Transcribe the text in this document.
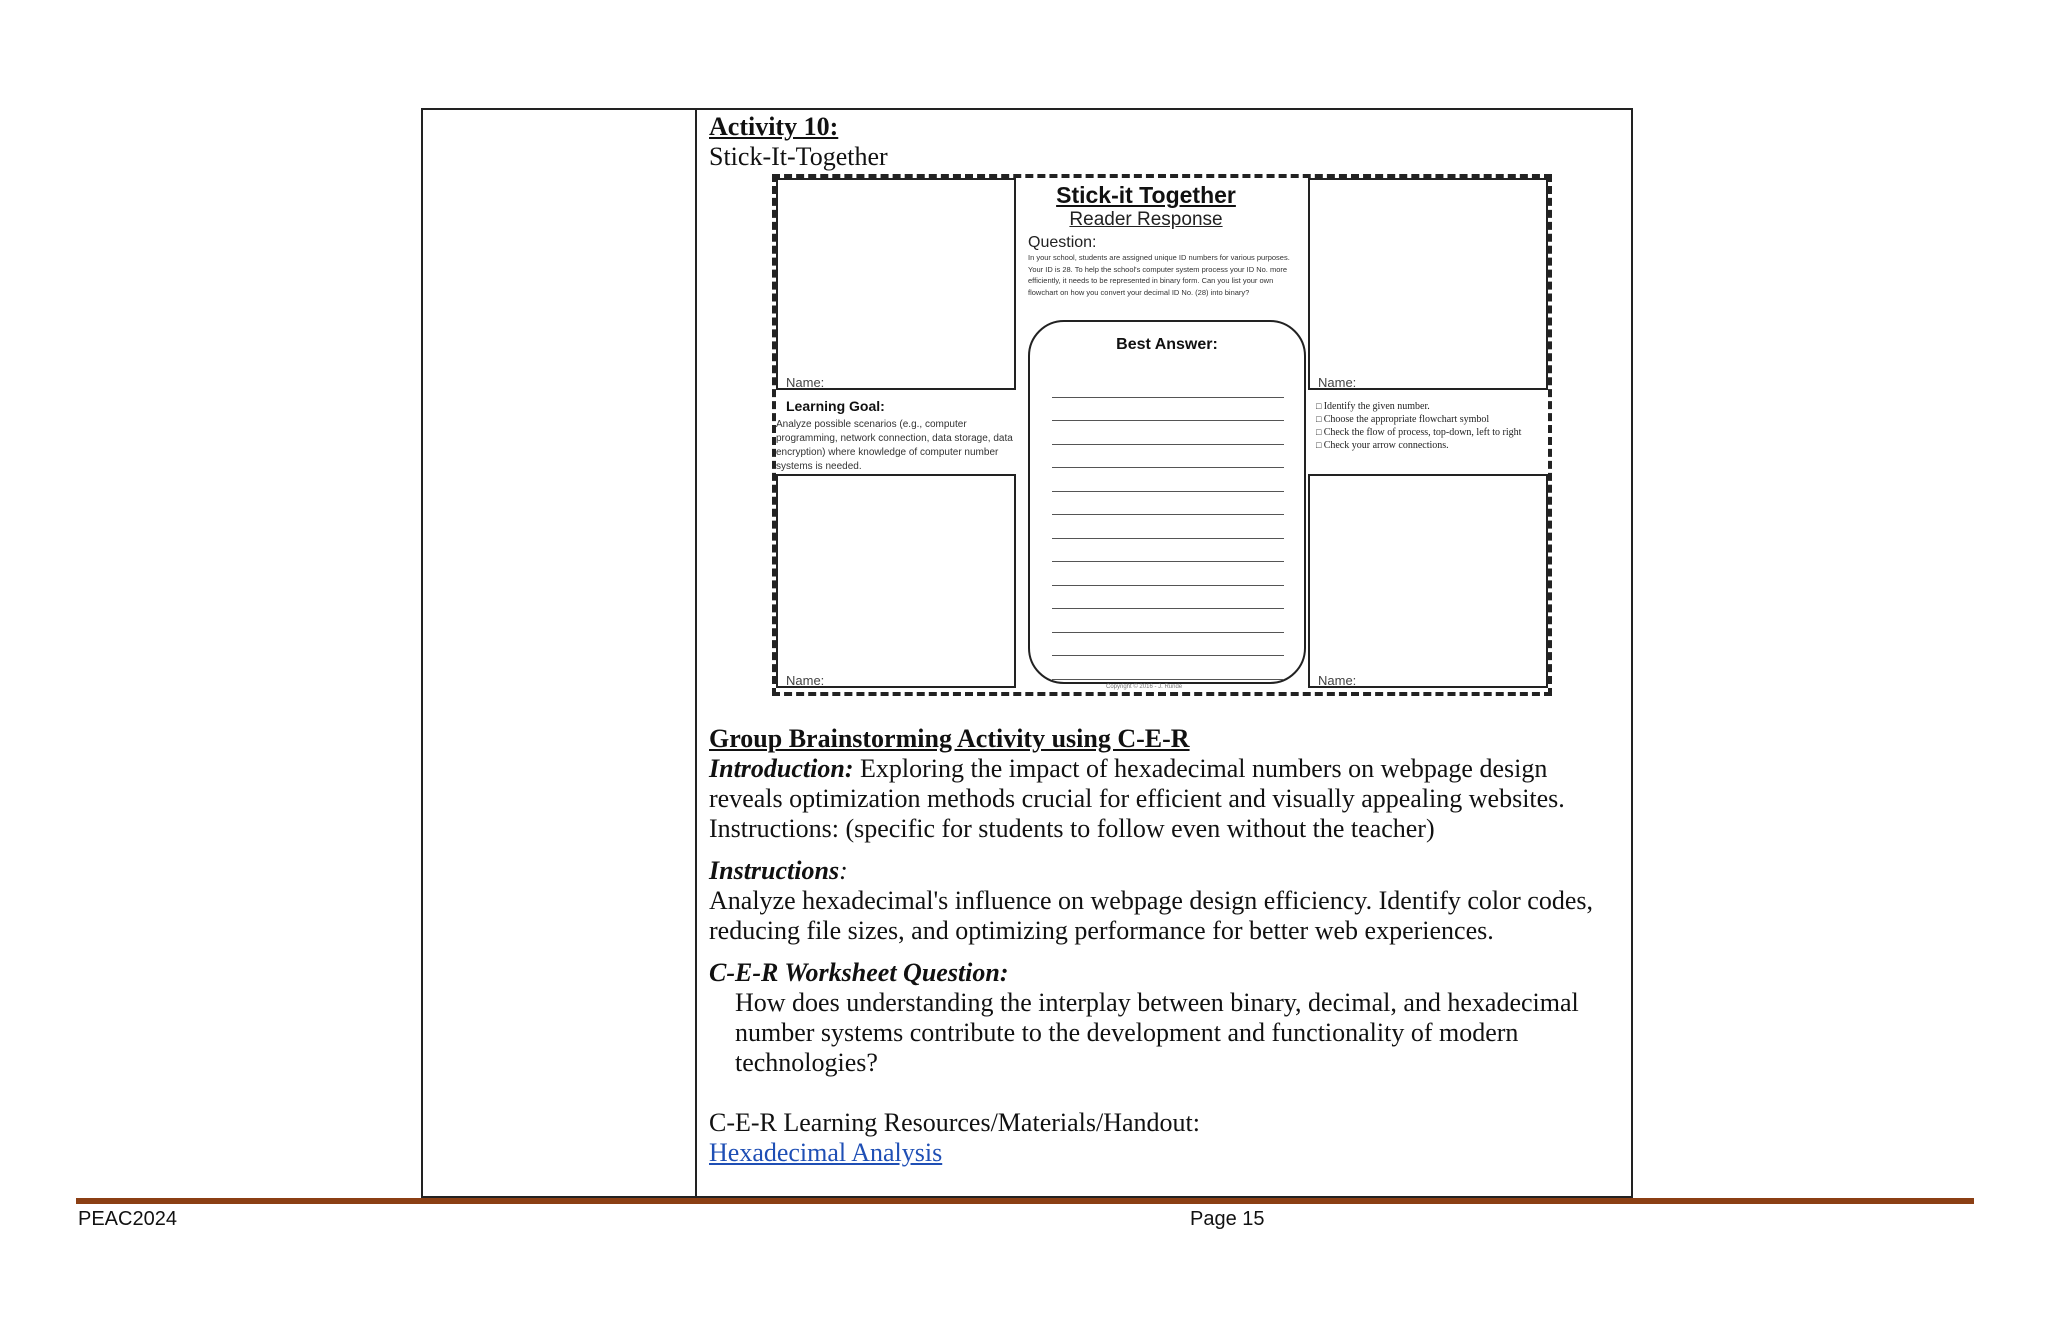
Activity 10:

Stick-It-Together

Group Brainstorming Activity using C-E-R

Introduction: Exploring the impact of hexadecimal numbers on webpage design reveals optimization methods crucial for efficient and visually appealing websites.

Instructions: (specific for students to follow even without the teacher)

Instructions:

Analyze hexadecimal's influence on webpage design efficiency. Identify color codes, reducing file sizes, and optimizing performance for better web experiences.

C-E-R Worksheet Question:

How does understanding the interplay between binary, decimal, and hexadecimal number systems contribute to the development and functionality of modern technologies?

C-E-R Learning Resources/Materials/Handout:

Hexadecimal Analysis

Name:	Name:
Name:	Name:
Stick-it Together
Reader Response
Question:
In your school, students are assigned unique ID numbers for various purposes. Your ID is 28. To help the school's computer system process your ID No. more efficiently, it needs to be represented in binary form. Can you list your own flowchart on how you convert your decimal ID No. (28) into binary?
Best Answer:
Learning Goal:
Analyze possible scenarios (e.g., computer programming, network connection, data storage, data encryption) where knowledge of computer number systems is needed.
□ Identify the given number.
□ Choose the appropriate flowchart symbol
□ Check the flow of process, top-down, left to right
□ Check your arrow connections.
Copyright © 2016 - J. Runde
PEAC2024	Page 15
